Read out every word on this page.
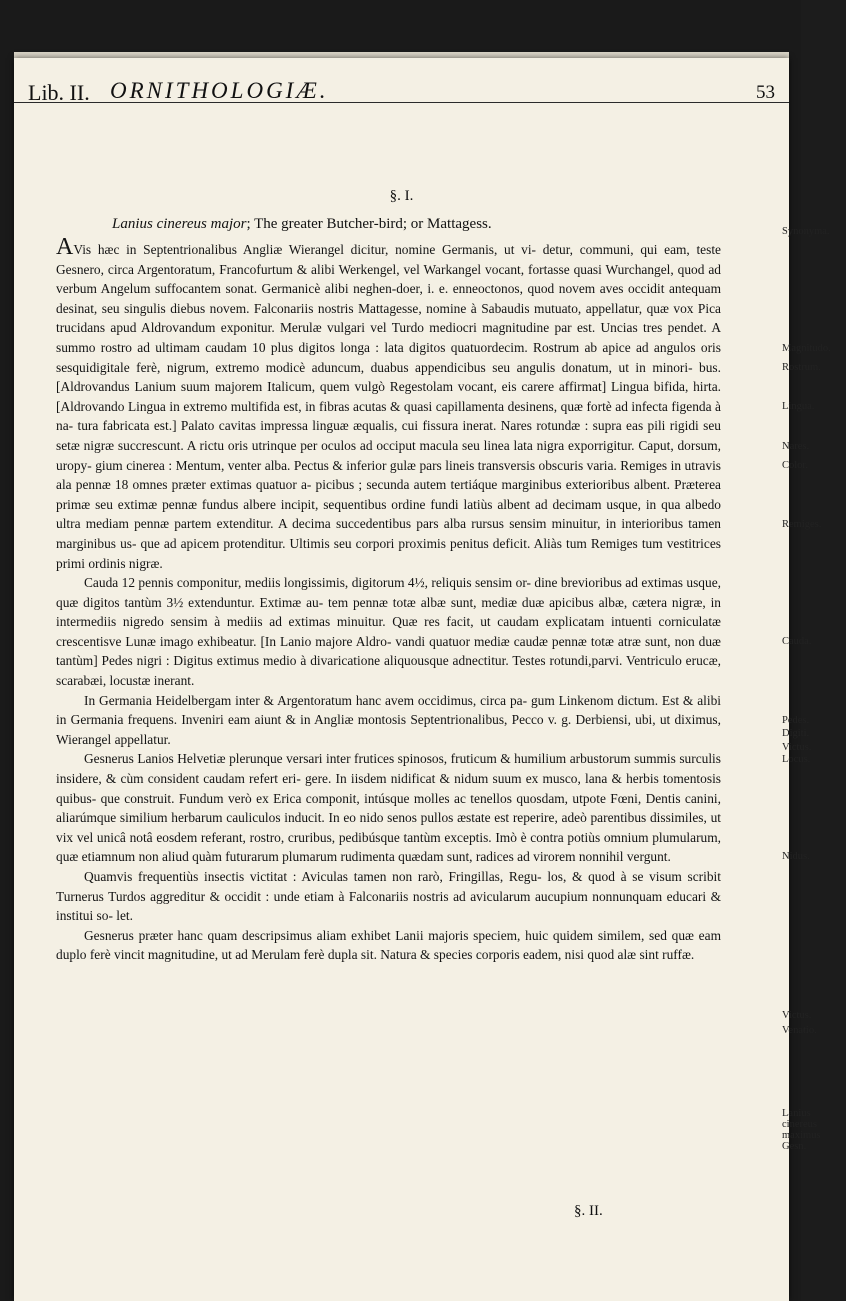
Lib. II. ORNITHOLOGIÆ.	53
§. I.
Lanius cinereus major; The greater Butcher-bird; or Mattagess.

AVis hæc in Septentrionalibus Angliæ Wierangel dicitur, nomine Germanis, ut vi- detur, communi, qui eam, teste Gesnero, circa Argentoratum, Francofurtum & alibi Werkengel, vel Warkangel vocant, fortasse quasi Wurchangel, quod ad verbum Angelum suffocantem sonat. Germanicè alibi neghen-doer, i. e. enneoctonos, quod novem aves occidit antequam desinat, seu singulis diebus novem. Falconariis nostris Mattagesse, nomine à Sabaudis mutuato, appellatur, quæ vox Pica trucidans apud Aldrovandum exponitur. Merulæ vulgari vel Turdo mediocri magnitudine par est. Uncias tres pendet. A summo rostro ad ultimam caudam 10 plus digitos longa : lata digitos quatuordecim. Rostrum ab apice ad angulos oris sesquidigitale ferè, nigrum, extremo modicè aduncum, duabus appendicibus seu angulis donatum, ut in minori- bus. [Aldrovandus Lanium suum majorem Italicum, quem vulgò Regestolam vocant, eis carere affirmat] Lingua bifida, hirta. [Aldrovando Lingua in extremo multifida est, in fibras acutas & quasi capillamenta desinens, quæ fortè ad infecta figenda à na- tura fabricata est.] Palato cavitas impressa linguæ æqualis, cui fissura inerat. Nares rotundæ : supra eas pili rigidi seu setæ nigræ succrescunt. A rictu oris utrinque per oculos ad occiput macula seu linea lata nigra exporrigitur. Caput, dorsum, uropy- gium cinerea : Mentum, venter alba. Pectus & inferior gulæ pars lineis transversis obscuris varia. Remiges in utravis ala pennæ 18 omnes præter extimas quatuor a- picibus ; secunda autem tertiáque marginibus exterioribus albent. Præterea primæ seu extimæ pennæ fundus albere incipit, sequentibus ordine fundi latiùs albent ad decimam usque, in qua albedo ultra mediam pennæ partem extenditur. A decima succedentibus pars alba rursus sensim minuitur, in interioribus tamen marginibus us- que ad apicem protenditur. Ultimis seu corpori proximis penitus deficit. Aliàs tum Remiges tum vestitrices primi ordinis nigræ.

Cauda 12 pennis componitur, mediis longissimis, digitorum 4½, reliquis sensim or- dine brevioribus ad extimas usque, quæ digitos tantùm 3½ extenduntur. Extimæ au- tem pennæ totæ albæ sunt, mediæ duæ apicibus albæ, cætera nigræ, in intermediis nigredo sensim à mediis ad extimas minuitur. Quæ res facit, ut caudam explicatam intuenti corniculatæ crescentisve Lunæ imago exhibeatur. [In Lanio majore Aldro- vandi quatuor mediæ caudæ pennæ totæ atræ sunt, non duæ tantùm] Pedes nigri : Digitus extimus medio à divaricatione aliquousque adnectitur. Testes rotundi,parvi. Ventriculo erucæ, scarabæi, locustæ inerant.

In Germania Heidelbergam inter & Argentoratum hanc avem occidimus, circa pa- gum Linkenom dictum. Est & alibi in Germania frequens. Inveniri eam aiunt & in Angliæ montosis Septentrionalibus, Pecco v. g. Derbiensi, ubi, ut diximus, Wierangel appellatur.

Gesnerus Lanios Helvetiæ plerunque versari inter frutices spinosos, fruticum & humilium arbustorum summis surculis insidere, & cùm consident caudam refert eri- gere. In iisdem nidificat & nidum suum ex musco, lana & herbis tomentosis quibus- que construit. Fundum verò ex Erica componit, intúsque molles ac tenellos quosdam, utpote Fœni, Dentis canini, aliarúmque similium herbarum cauliculos inducit. In eo nido senos pullos æstate est reperire, adeò parentibus dissimiles, ut vix vel unicâ notâ eosdem referant, rostro, cruribus, pedibúsque tantùm exceptis. Imò è contra potiùs omnium plumularum, quæ etiamnum non aliud quàm futurarum plumarum rudimenta quædam sunt, radices ad virorem nonnihil vergunt.

Quamvis frequentiùs insectis victitat : Aviculas tamen non rarò, Fringillas, Regu- los, & quod à se visum scribit Turnerus Turdos aggreditur & occidit : unde etiam à Falconariis nostris ad avicularum aucupium nonnunquam educari & institui so- let.

Gesnerus præter hanc quam descripsimus aliam exhibet Lanii majoris speciem, huic quidem similem, sed quæ eam duplo ferè vincit magnitudine, ut ad Merulam ferè dupla sit. Natura & species corporis eadem, nisi quod alæ sint ruffæ.

Synonyma.
Magnitudo.
Rostrum.
Lingua.
Nares.
Color.
Remiges.
Cauda.
Pedes.
Digiti.
Victus.
Locus.
Nidus.
Victus.
Venatio.
Lanius cinereus maximus Gesn.
§. II.
